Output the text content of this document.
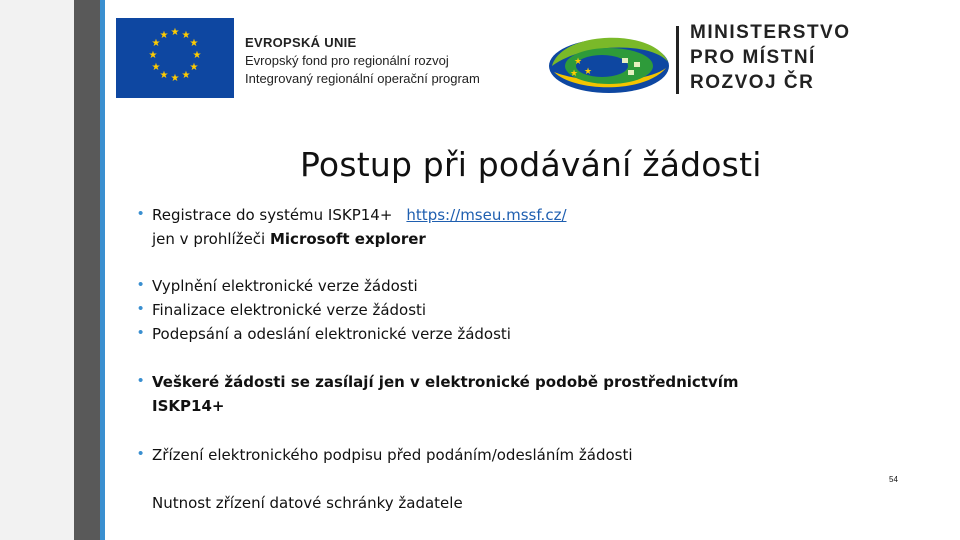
★ ★
★
★
★
★
★
★
★
★
★
★	EVROPSKÁ UNIE
Evropský fond pro regionální rozvoj
Integrovaný regionální operační program
★
★
★
MINISTERSTVO
PRO MÍSTNÍ
ROZVOJ ČR
Postup při podávání žádosti
• Registrace do systému ISKP14+ https://mseu.mssf.cz/
jen v prohlížeči Microsoft explorer
• Vyplnění elektronické verze žádosti
• Finalizace elektronické verze žádosti
• Podepsání a odeslání elektronické verze žádosti
• Veškeré žádosti se zasílají jen v elektronické podobě prostřednictvím
ISKP14+
• Zřízení elektronického podpisu před podáním/odesláním žádosti
Nutnost zřízení datové schránky žadatele
54
